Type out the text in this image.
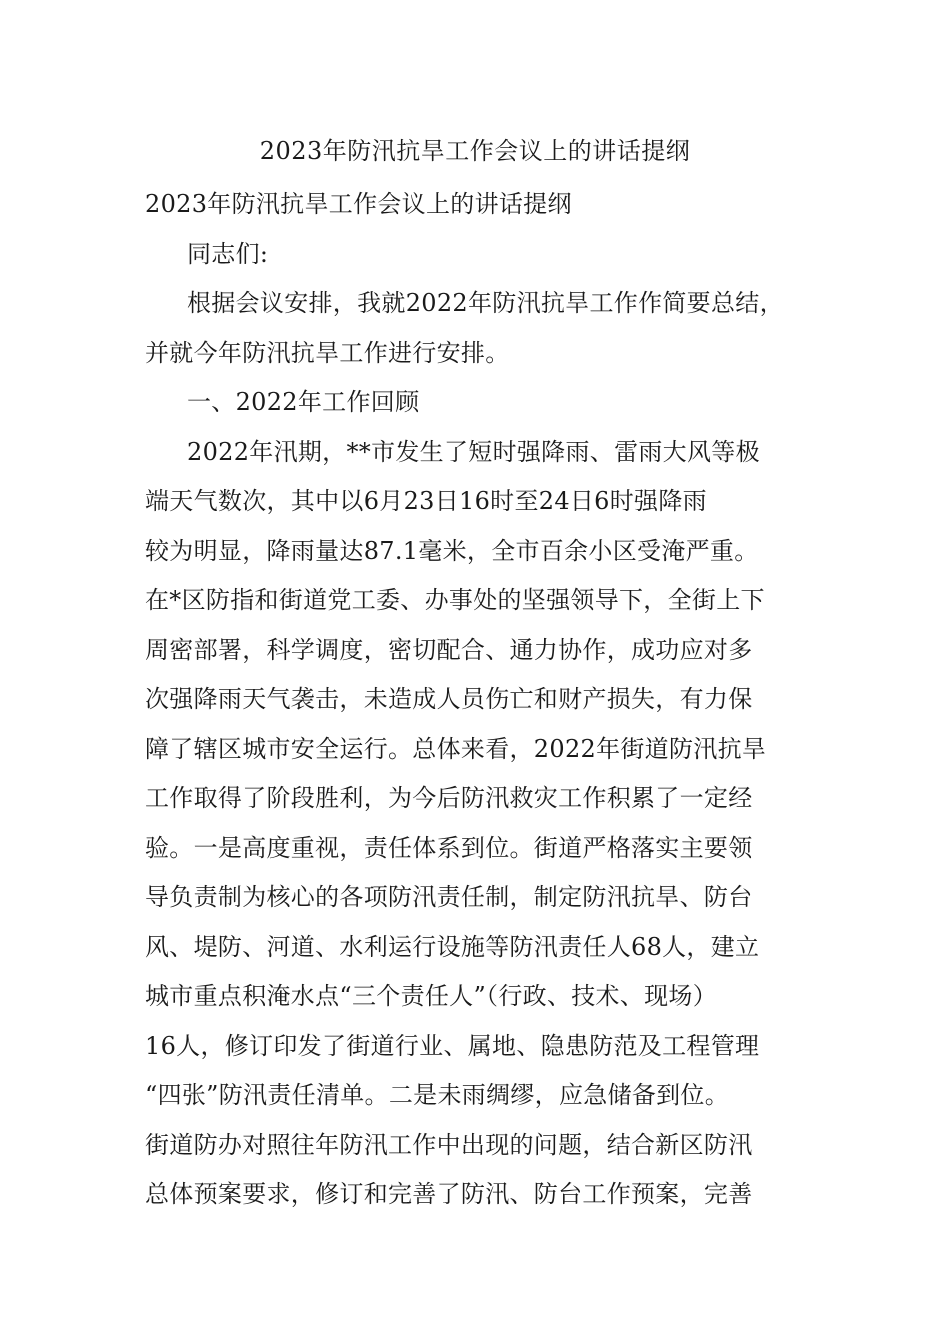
2023年防汛抗旱工作会议上的讲话提纲
2023年防汛抗旱工作会议上的讲话提纲
同志们:
根据会议安排，我就2022年防汛抗旱工作作简要总结，
并就今年防汛抗旱工作进行安排。
一、2022年工作回顾
2022年汛期，**市发生了短时强降雨、雷雨大风等极
端天气数次，其中以6月23日16时至24日6时强降雨
较为明显，降雨量达87.1毫米，全市百余小区受淹严重。
在*区防指和街道党工委、办事处的坚强领导下，全街上下
周密部署，科学调度，密切配合、通力协作，成功应对多
次强降雨天气袭击，未造成人员伤亡和财产损失，有力保
障了辖区城市安全运行。总体来看，2022年街道防汛抗旱
工作取得了阶段胜利，为今后防汛救灾工作积累了一定经
验。一是高度重视，责任体系到位。街道严格落实主要领
导负责制为核心的各项防汛责任制，制定防汛抗旱、防台
风、堤防、河道、水利运行设施等防汛责任人68人，建立
城市重点积淹水点“三个责任人”（行政、技术、现场）
16人，修订印发了街道行业、属地、隐患防范及工程管理
“四张”防汛责任清单。二是未雨绸缪，应急储备到位。
街道防办对照往年防汛工作中出现的问题，结合新区防汛
总体预案要求，修订和完善了防汛、防台工作预案，完善
